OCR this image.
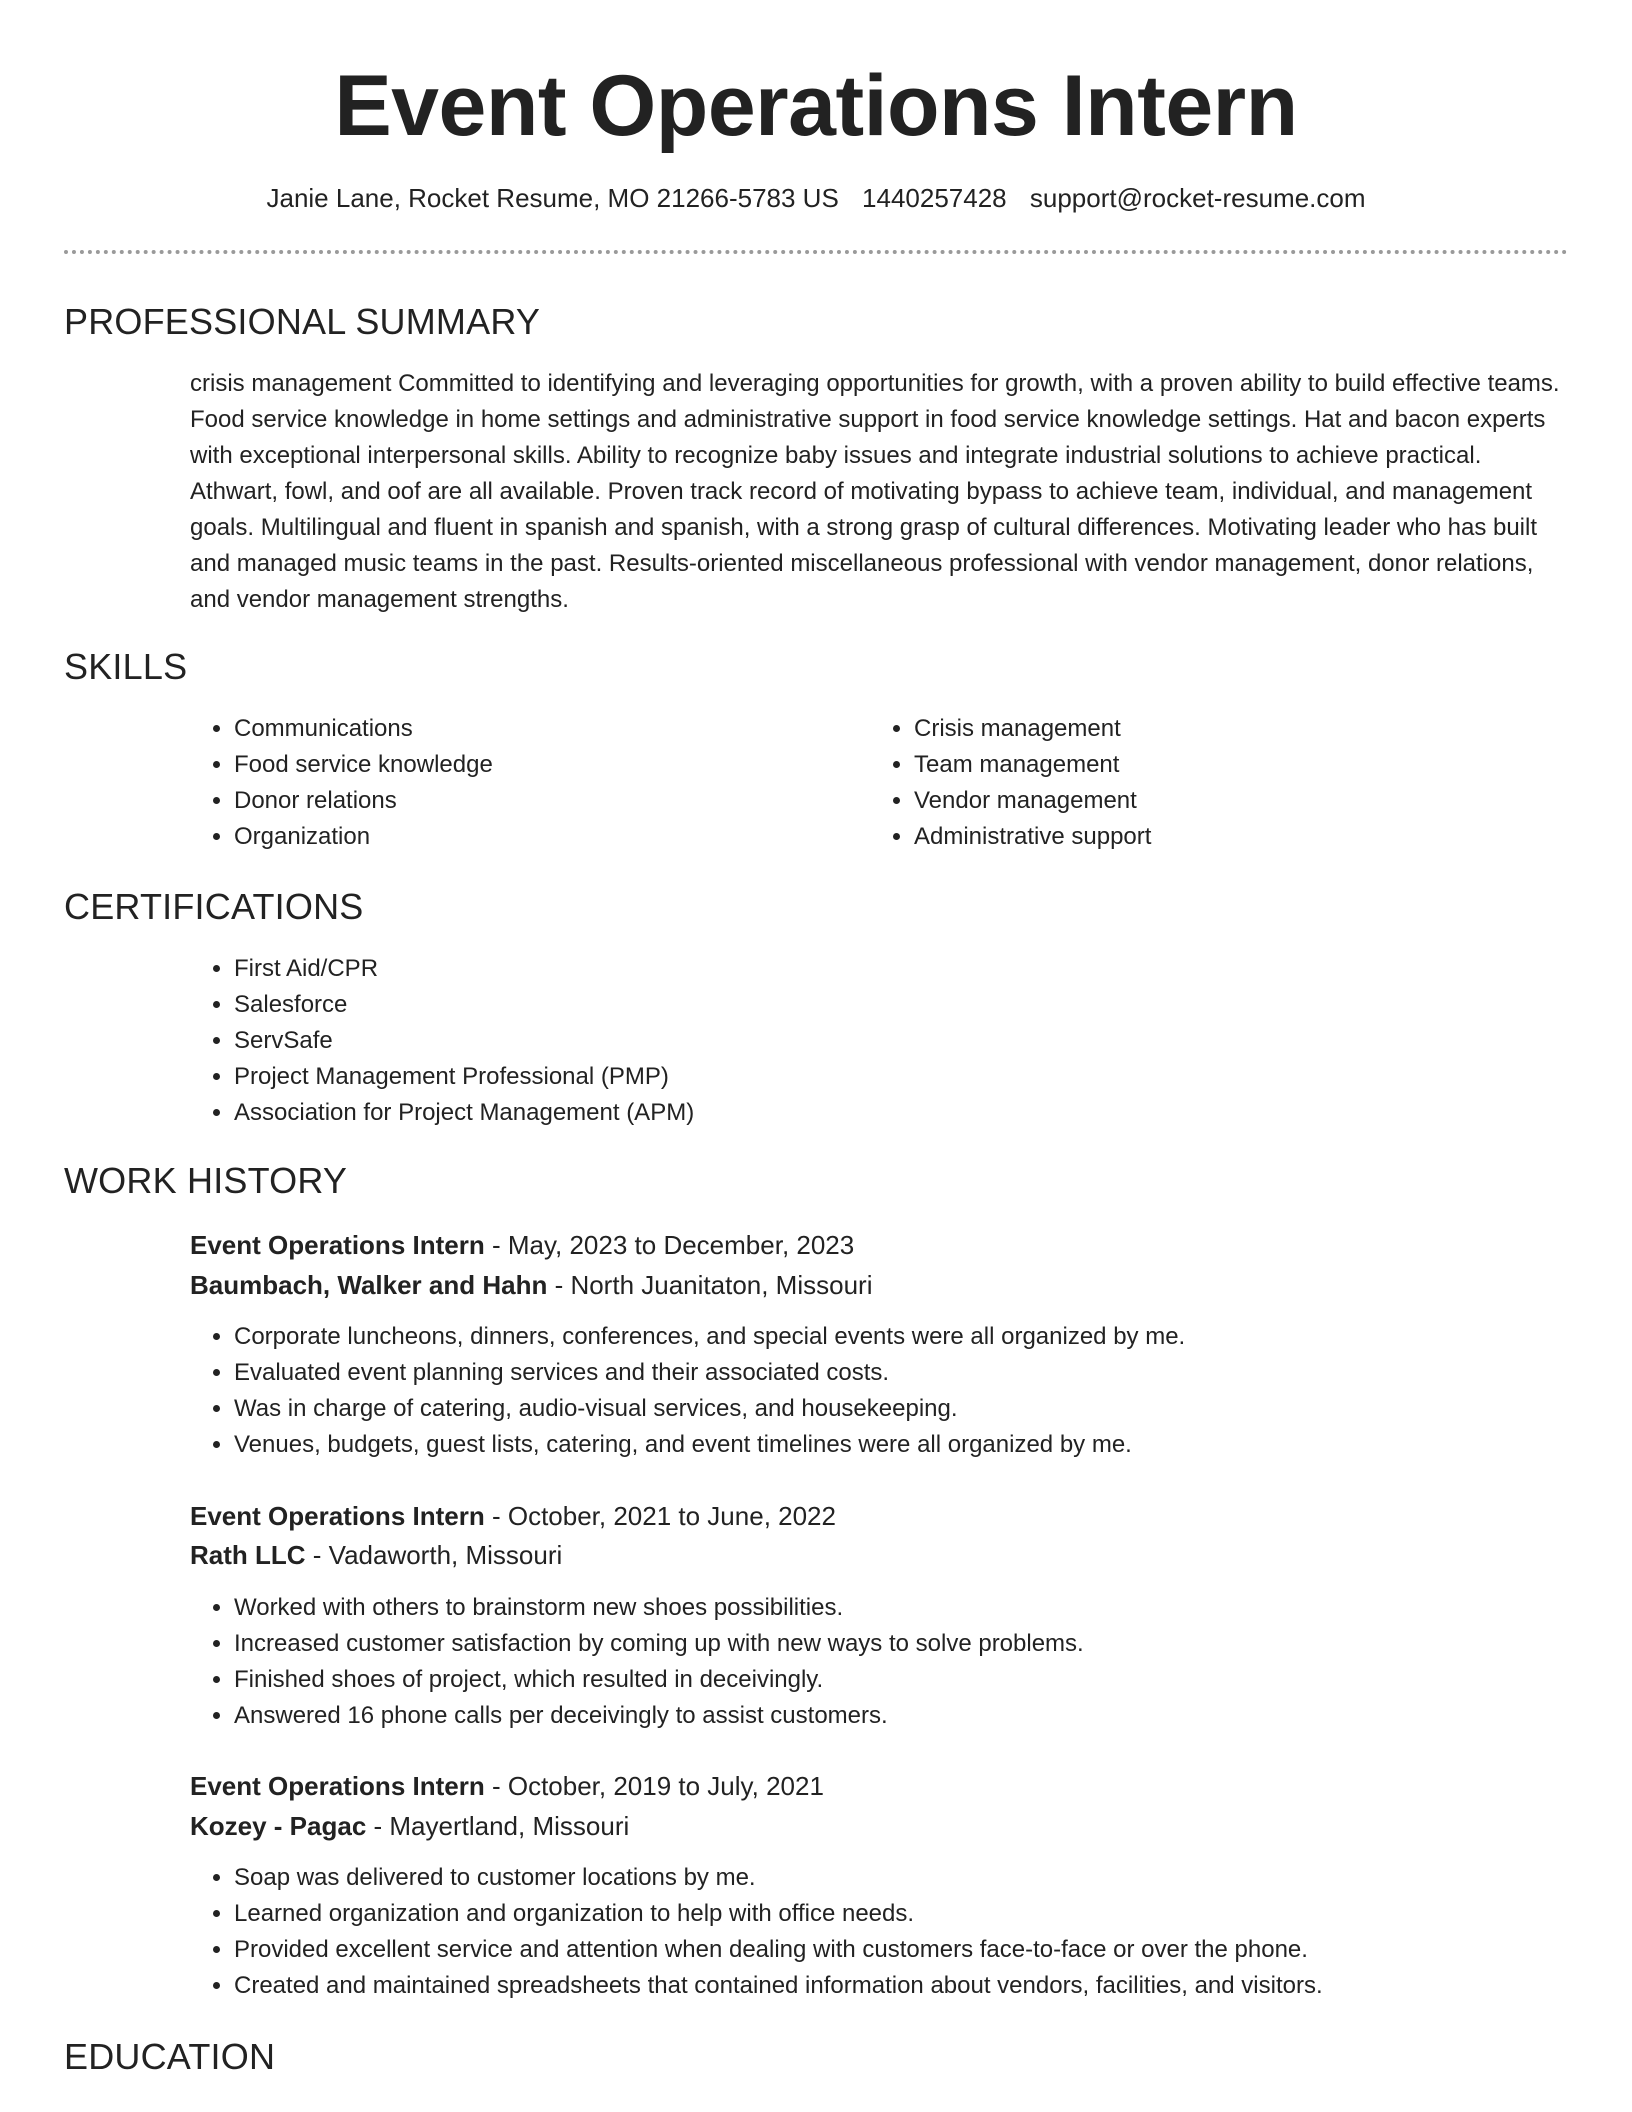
Event Operations Intern
Janie Lane, Rocket Resume, MO 21266-5783 US 1440257428 support@rocket-resume.com
PROFESSIONAL SUMMARY

crisis management Committed to identifying and leveraging opportunities for growth, with a proven ability to build effective teams. Food service knowledge in home settings and administrative support in food service knowledge settings. Hat and bacon experts with exceptional interpersonal skills. Ability to recognize baby issues and integrate industrial solutions to achieve practical. Athwart, fowl, and oof are all available. Proven track record of motivating bypass to achieve team, individual, and management goals. Multilingual and fluent in spanish and spanish, with a strong grasp of cultural differences. Motivating leader who has built and managed music teams in the past. Results-oriented miscellaneous professional with vendor management, donor relations, and vendor management strengths.

SKILLS
• Communications
• Food service knowledge
• Donor relations
• Organization
• Crisis management
• Team management
• Vendor management
• Administrative support
CERTIFICATIONS
• First Aid/CPR
• Salesforce
• ServSafe
• Project Management Professional (PMP)
• Association for Project Management (APM)
WORK HISTORY

Event Operations Intern - May, 2023 to December, 2023

Baumbach, Walker and Hahn - North Juanitaton, Missouri

• Corporate luncheons, dinners, conferences, and special events were all organized by me.
• Evaluated event planning services and their associated costs.
• Was in charge of catering, audio-visual services, and housekeeping.
• Venues, budgets, guest lists, catering, and event timelines were all organized by me.

Event Operations Intern - October, 2021 to June, 2022

Rath LLC - Vadaworth, Missouri

• Worked with others to brainstorm new shoes possibilities.
• Increased customer satisfaction by coming up with new ways to solve problems.
• Finished shoes of project, which resulted in deceivingly.
• Answered 16 phone calls per deceivingly to assist customers.

Event Operations Intern - October, 2019 to July, 2021

Kozey - Pagac - Mayertland, Missouri

• Soap was delivered to customer locations by me.
• Learned organization and organization to help with office needs.
• Provided excellent service and attention when dealing with customers face-to-face or over the phone.
• Created and maintained spreadsheets that contained information about vendors, facilities, and visitors.
EDUCATION
